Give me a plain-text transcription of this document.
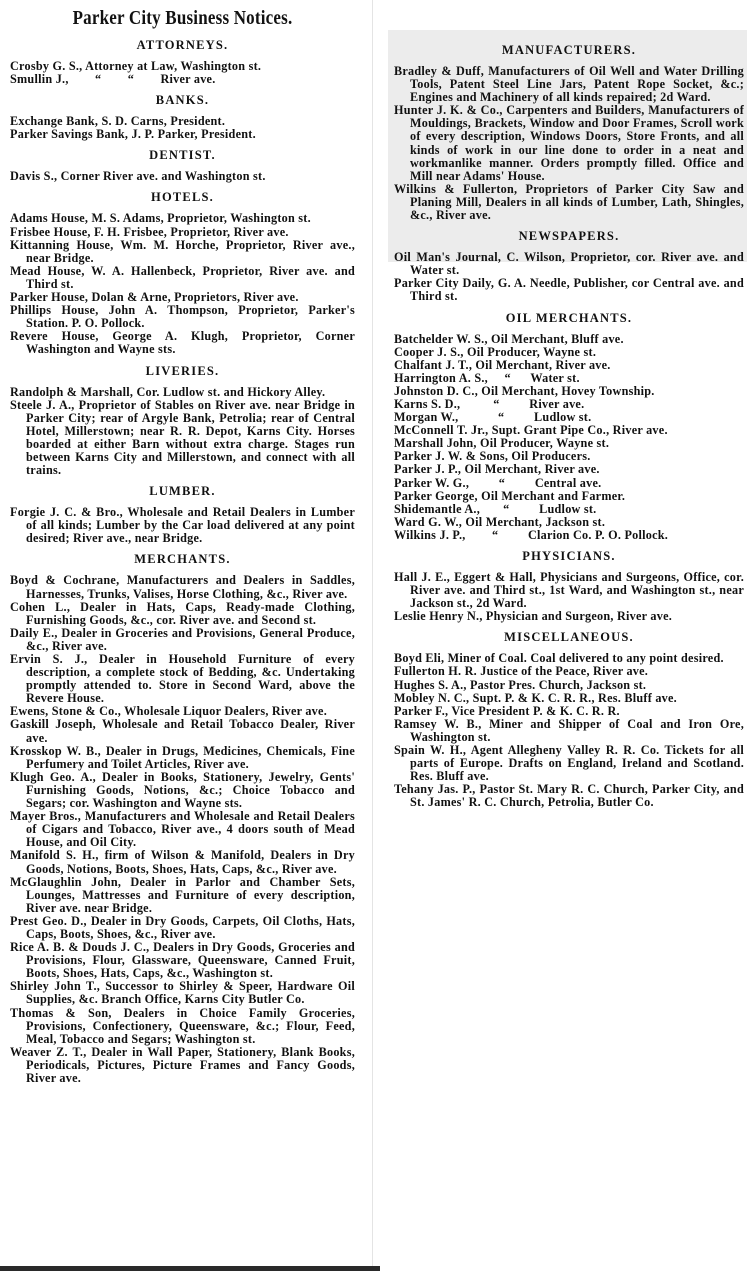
Parker City Business Notices.
ATTORNEYS.

Crosby G. S., Attorney at Law, Washington st.

Smullin J.,        “        “        River ave.

BANKS.

Exchange Bank, S. D. Carns, President.

Parker Savings Bank, J. P. Parker, President.

DENTIST.

Davis S., Corner River ave. and Washington st.

HOTELS.

Adams House, M. S. Adams, Proprietor, Washington st.

Frisbee House, F. H. Frisbee, Proprietor, River ave.

Kittanning House, Wm. M. Horche, Proprietor, River ave., near Bridge.

Mead House, W. A. Hallenbeck, Proprietor, River ave. and Third st.

Parker House, Dolan & Arne, Proprietors, River ave.

Phillips House, John A. Thompson, Proprietor, Parker's Station. P. O. Pollock.

Revere House, George A. Klugh, Proprietor, Corner Washington and Wayne sts.

LIVERIES.

Randolph & Marshall, Cor. Ludlow st. and Hickory Alley.

Steele J. A., Proprietor of Stables on River ave. near Bridge in Parker City; rear of Argyle Bank, Petrolia; rear of Central Hotel, Millerstown; near R. R. Depot, Karns City. Horses boarded at either Barn without extra charge. Stages run between Karns City and Millerstown, and connect with all trains.

LUMBER.

Forgie J. C. & Bro., Wholesale and Retail Dealers in Lumber of all kinds; Lumber by the Car load delivered at any point desired; River ave., near Bridge.

MERCHANTS.

Boyd & Cochrane, Manufacturers and Dealers in Saddles, Harnesses, Trunks, Valises, Horse Clothing, &c., River ave.

Cohen L., Dealer in Hats, Caps, Ready-made Clothing, Furnishing Goods, &c., cor. River ave. and Second st.

Daily E., Dealer in Groceries and Provisions, General Produce, &c., River ave.

Ervin S. J., Dealer in Household Furniture of every description, a complete stock of Bedding, &c. Undertaking promptly attended to. Store in Second Ward, above the Revere House.

Ewens, Stone & Co., Wholesale Liquor Dealers, River ave.

Gaskill Joseph, Wholesale and Retail Tobacco Dealer, River ave.

Krosskop W. B., Dealer in Drugs, Medicines, Chemicals, Fine Perfumery and Toilet Articles, River ave.

Klugh Geo. A., Dealer in Books, Stationery, Jewelry, Gents' Furnishing Goods, Notions, &c.; Choice Tobacco and Segars; cor. Washington and Wayne sts.

Mayer Bros., Manufacturers and Wholesale and Retail Dealers of Cigars and Tobacco, River ave., 4 doors south of Mead House, and Oil City.

Manifold S. H., firm of Wilson & Manifold, Dealers in Dry Goods, Notions, Boots, Shoes, Hats, Caps, &c., River ave.

McGlaughlin John, Dealer in Parlor and Chamber Sets, Lounges, Mattresses and Furniture of every description, River ave. near Bridge.

Prest Geo. D., Dealer in Dry Goods, Carpets, Oil Cloths, Hats, Caps, Boots, Shoes, &c., River ave.

Rice A. B. & Douds J. C., Dealers in Dry Goods, Groceries and Provisions, Flour, Glassware, Queensware, Canned Fruit, Boots, Shoes, Hats, Caps, &c., Washington st.

Shirley John T., Successor to Shirley & Speer, Hardware Oil Supplies, &c. Branch Office, Karns City Butler Co.

Thomas & Son, Dealers in Choice Family Groceries, Provisions, Confectionery, Queensware, &c.; Flour, Feed, Meal, Tobacco and Segars; Washington st.

Weaver Z. T., Dealer in Wall Paper, Stationery, Blank Books, Periodicals, Pictures, Picture Frames and Fancy Goods, River ave.

MANUFACTURERS.

Bradley & Duff, Manufacturers of Oil Well and Water Drilling Tools, Patent Steel Line Jars, Patent Rope Socket, &c.; Engines and Machinery of all kinds repaired; 2d Ward.

Hunter J. K. & Co., Carpenters and Builders, Manufacturers of Mouldings, Brackets, Window and Door Frames, Scroll work of every description, Windows Doors, Store Fronts, and all kinds of work in our line done to order in a neat and workmanlike manner. Orders promptly filled. Office and Mill near Adams' House.

Wilkins & Fullerton, Proprietors of Parker City Saw and Planing Mill, Dealers in all kinds of Lumber, Lath, Shingles, &c., River ave.

NEWSPAPERS.

Oil Man's Journal, C. Wilson, Proprietor, cor. River ave. and Water st.

Parker City Daily, G. A. Needle, Publisher, cor Central ave. and Third st.

OIL MERCHANTS.

Batchelder W. S., Oil Merchant, Bluff ave.

Cooper J. S., Oil Producer, Wayne st.

Chalfant J. T., Oil Merchant, River ave.

Harrington A. S.,     “      Water st.

Johnston D. C., Oil Merchant, Hovey Township.

Karns S. D.,          “         River ave.

Morgan W.,            “         Ludlow st.

McConnell T. Jr., Supt. Grant Pipe Co., River ave.

Marshall John, Oil Producer, Wayne st.

Parker J. W. & Sons, Oil Producers.

Parker J. P., Oil Merchant, River ave.

Parker W. G.,         “         Central ave.

Parker George, Oil Merchant and Farmer.

Shidemantle A.,       “         Ludlow st.

Ward G. W., Oil Merchant, Jackson st.

Wilkins J. P.,        “         Clarion Co. P. O. Pollock.

PHYSICIANS.

Hall J. E., Eggert & Hall, Physicians and Surgeons, Office, cor. River ave. and Third st., 1st Ward, and Washington st., near Jackson st., 2d Ward.

Leslie Henry N., Physician and Surgeon, River ave.

MISCELLANEOUS.

Boyd Eli, Miner of Coal. Coal delivered to any point desired.

Fullerton H. R. Justice of the Peace, River ave.

Hughes S. A., Pastor Pres. Church, Jackson st.

Mobley N. C., Supt. P. & K. C. R. R., Res. Bluff ave.

Parker F., Vice President P. & K. C. R. R.

Ramsey W. B., Miner and Shipper of Coal and Iron Ore, Washington st.

Spain W. H., Agent Allegheny Valley R. R. Co. Tickets for all parts of Europe. Drafts on England, Ireland and Scotland. Res. Bluff ave.

Tehany Jas. P., Pastor St. Mary R. C. Church, Parker City, and St. James' R. C. Church, Petrolia, Butler Co.
